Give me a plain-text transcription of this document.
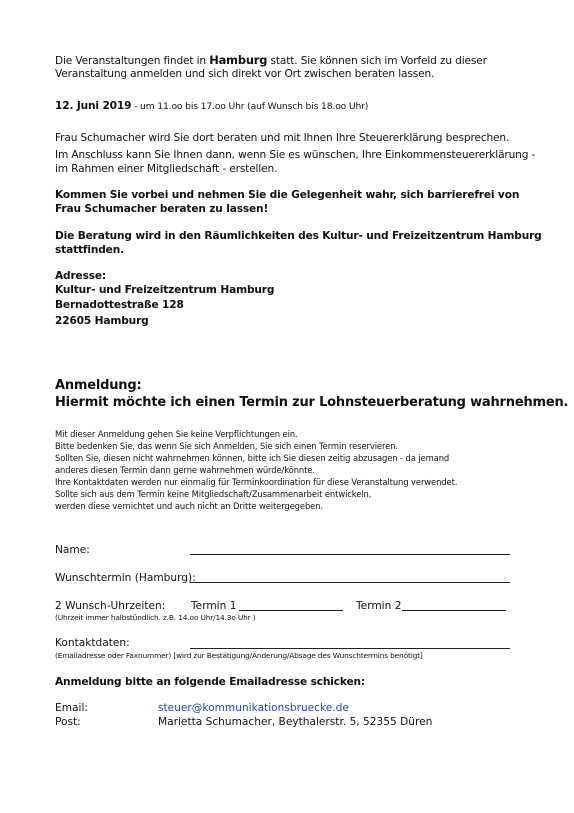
Die Veranstaltungen findet in Hamburg statt. Sie können sich im Vorfeld zu dieser
Veranstaltung anmelden und sich direkt vor Ort zwischen beraten lassen.
12. Juni 2019 - um 11.oo bis 17.oo Uhr (auf Wunsch bis 18.oo Uhr)
Frau Schumacher wird Sie dort beraten und mit Ihnen Ihre Steuererklärung besprechen.
Im Anschluss kann Sie Ihnen dann, wenn Sie es wünschen, Ihre Einkommensteuererklärung -
im Rahmen einer Mitgliedschaft - erstellen.
Kommen Sie vorbei und nehmen Sie die Gelegenheit wahr, sich barrierefrei von
Frau Schumacher beraten zu lassen!
Die Beratung wird in den Räumlichkeiten des Kultur- und Freizeitzentrum Hamburg
stattfinden.
Adresse:
Kultur- und Freizeitzentrum Hamburg
Bernadottestraße 128
22605 Hamburg
Anmeldung:
Hiermit möchte ich einen Termin zur Lohnsteuerberatung wahrnehmen.
Mit dieser Anmeldung gehen Sie keine Verpflichtungen ein.
Bitte bedenken Sie, das wenn Sie sich Anmelden, Sie sich einen Termin reservieren.
Sollten Sie, diesen nicht wahrnehmen können, bitte ich Sie diesen zeitig abzusagen - da jemand
anderes diesen Termin dann gerne wahrnehmen würde/könnte.
Ihre Kontaktdaten werden nur einmalig für Terminkoordination für diese Veranstaltung verwendet.
Sollte sich aus dem Termin keine Mitgliedschaft/Zusammenarbeit entwickeln,
werden diese vernichtet und auch nicht an Dritte weitergegeben.
Name:
Wunschtermin (Hamburg):
2 Wunsch-Uhrzeiten: Termin 1	Termin 2
(Uhrzeit immer halbstündlich. z.B. 14.oo Uhr/14.3o Uhr )
Kontaktdaten:
(Emailadresse oder Faxnummer) [wird zur Bestätigung/Änderung/Absage des Wunschtermins benötigt]
Anmeldung bitte an folgende Emailadresse schicken:
Email:	steuer@kommunikationsbruecke.de
Post:	Marietta Schumacher, Beythalerstr. 5, 52355 Düren
